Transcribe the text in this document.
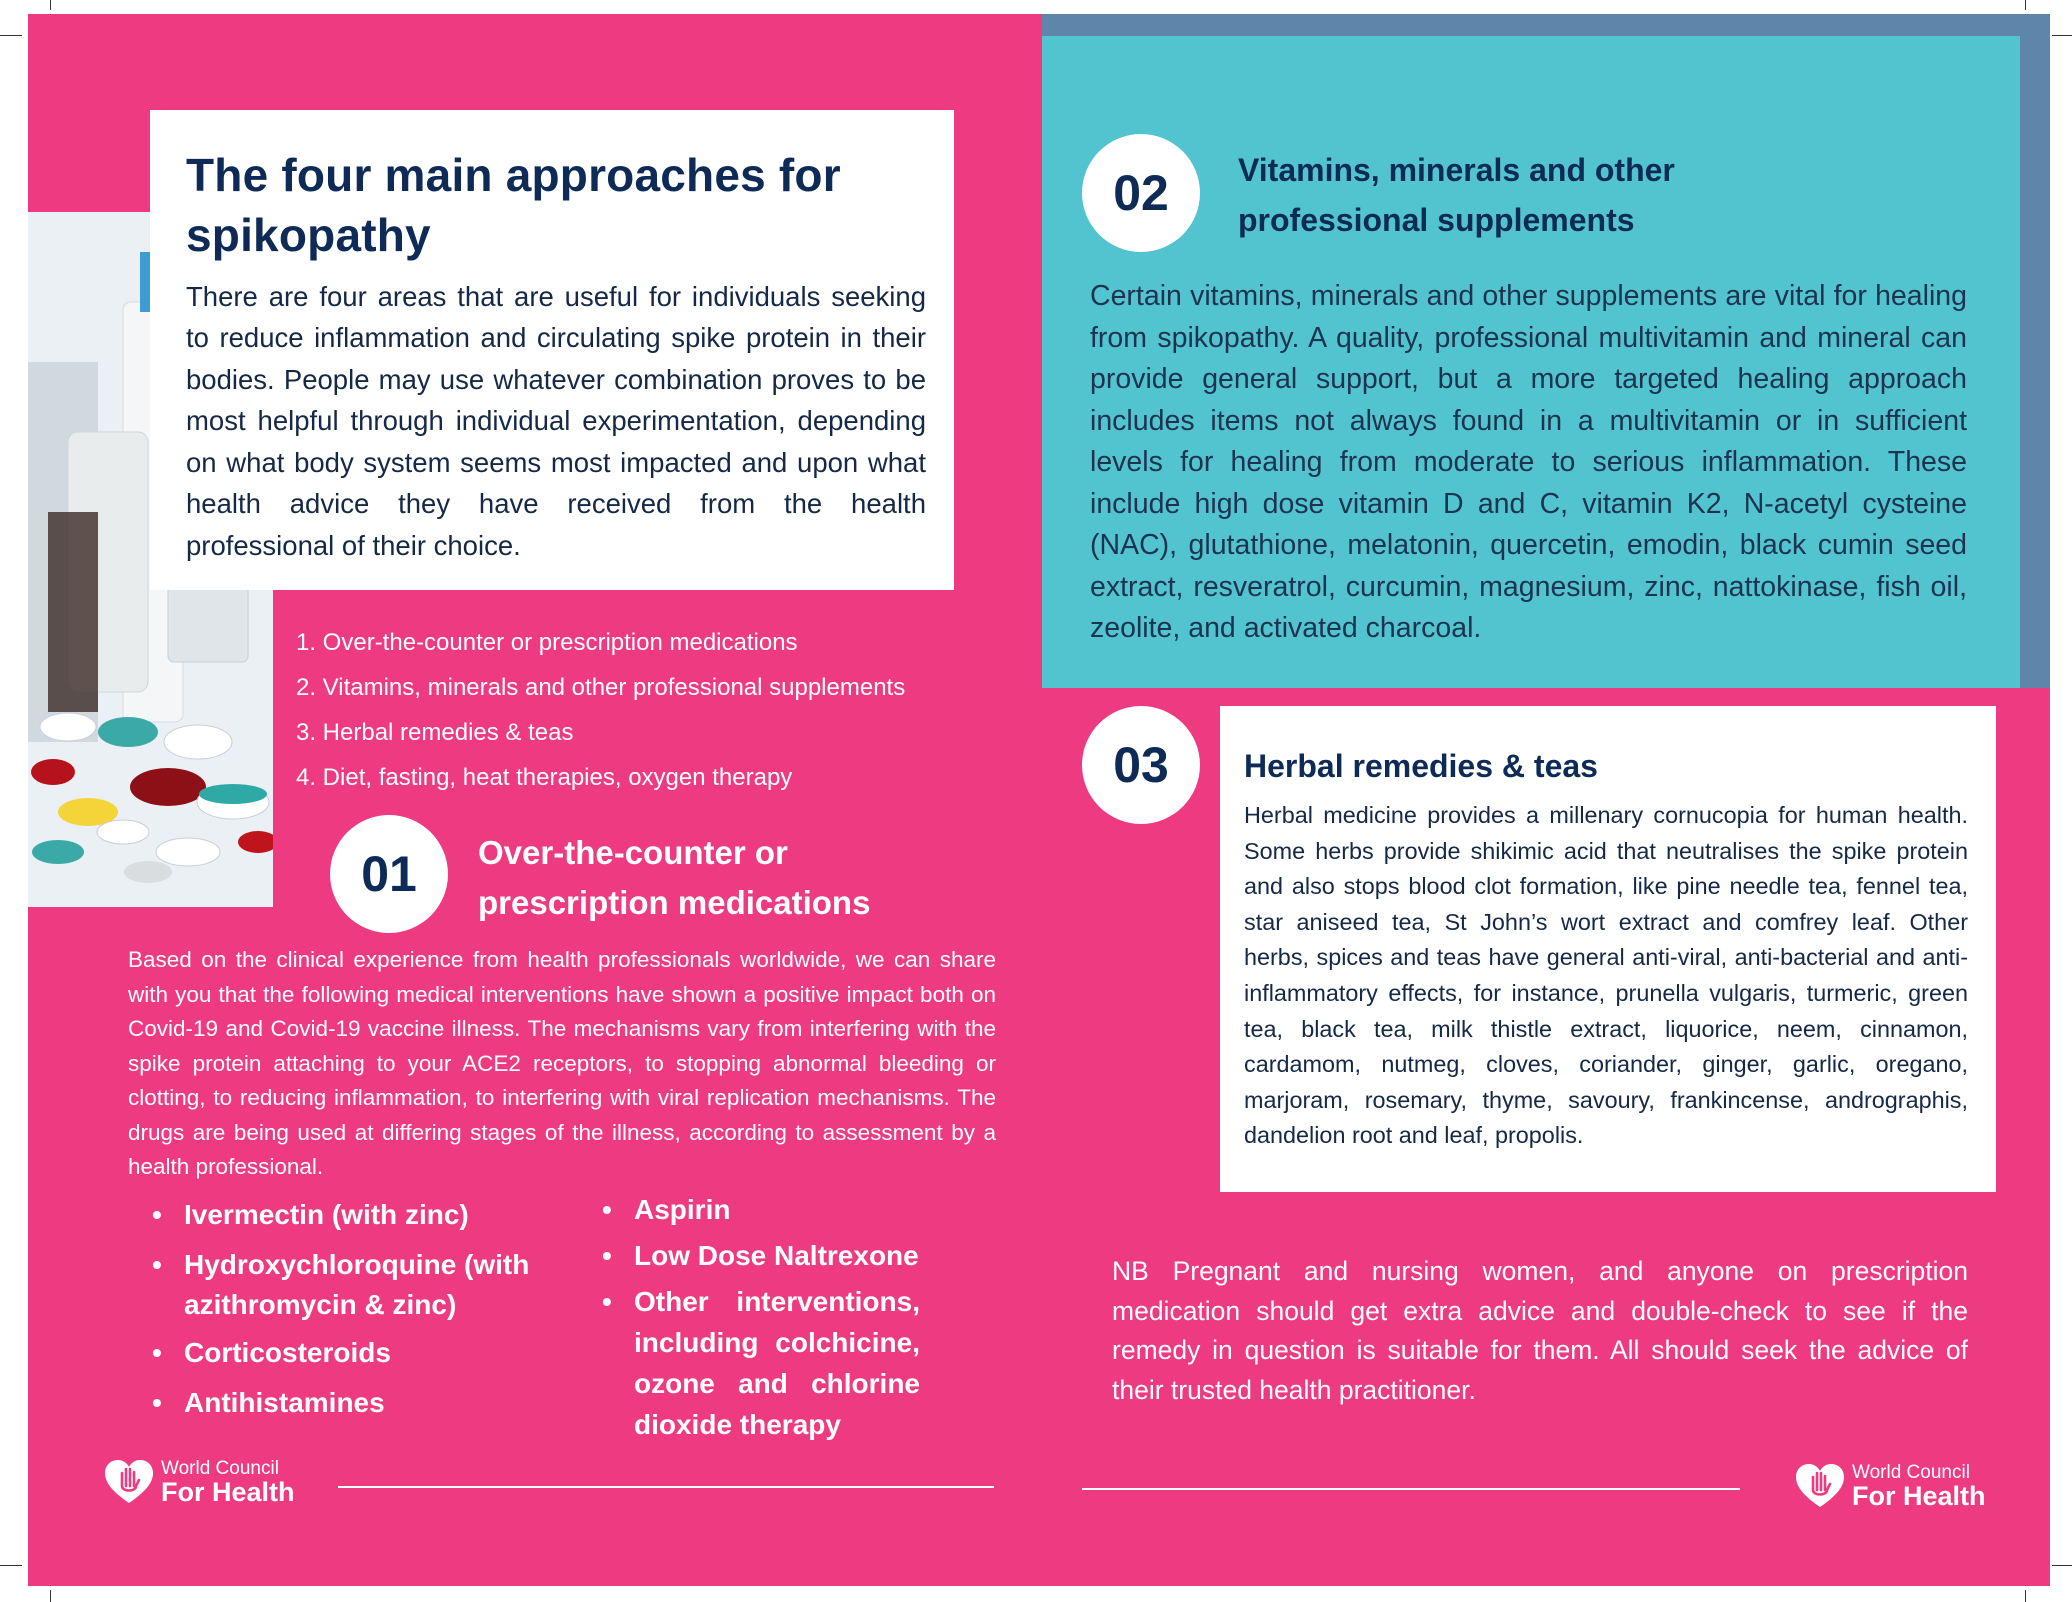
The four main approaches for spikopathy

There are four areas that are useful for individuals seeking to reduce inflammation and circulating spike protein in their bodies. People may use whatever combination proves to be most helpful through individual experimentation, depending on what body system seems most impacted and upon what health advice they have received from the health professional of their choice.

1. Over-the-counter or prescription medications
2. Vitamins, minerals and other professional supplements
3. Herbal remedies & teas
4. Diet, fasting, heat therapies, oxygen therapy
01	Over-the-counter or
prescription medications

Based on the clinical experience from health professionals worldwide, we can share with you that the following medical interventions have shown a positive impact both on Covid-19 and Covid-19 vaccine illness. The mechanisms vary from interfering with the spike protein attaching to your ACE2 receptors, to stopping abnormal bleeding or clotting, to reducing inflammation, to interfering with viral replication mechanisms. The drugs are being used at differing stages of the illness, according to assessment by a health professional.

• Ivermectin (with zinc)
• Hydroxychloroquine (with azithromycin & zinc)
• Corticosteroids
• Antihistamines
• Aspirin
• Low Dose Naltrexone
• Other interventions, including colchicine, ozone and chlorine dioxide therapy
World Council
For Health
02	Vitamins, minerals and other
professional supplements

Certain vitamins, minerals and other supplements are vital for healing from spikopathy. A quality, professional multivitamin and mineral can provide general support, but a more targeted healing approach includes items not always found in a multivitamin or in sufficient levels for healing from moderate to serious inflammation. These include high dose vitamin D and C, vitamin K2, N-acetyl cysteine (NAC), glutathione, melatonin, quercetin, emodin, black cumin seed extract, resveratrol, curcumin, magnesium, zinc, nattokinase, fish oil, zeolite, and activated charcoal.

03	Herbal remedies & teas

Herbal medicine provides a millenary cornucopia for human health. Some herbs provide shikimic acid that neutralises the spike protein and also stops blood clot formation, like pine needle tea, fennel tea, star aniseed tea, St John’s wort extract and comfrey leaf. Other herbs, spices and teas have general anti-viral, anti-bacterial and anti-inflammatory effects, for instance, prunella vulgaris, turmeric, green tea, black tea, milk thistle extract, liquorice, neem, cinnamon, cardamom, nutmeg, cloves, coriander, ginger, garlic, oregano, marjoram, rosemary, thyme, savoury, frankincense, andrographis, dandelion root and leaf, propolis.

NB Pregnant and nursing women, and anyone on prescription medication should get extra advice and double-check to see if the remedy in question is suitable for them. All should seek the advice of their trusted health practitioner.

World Council
For Health
